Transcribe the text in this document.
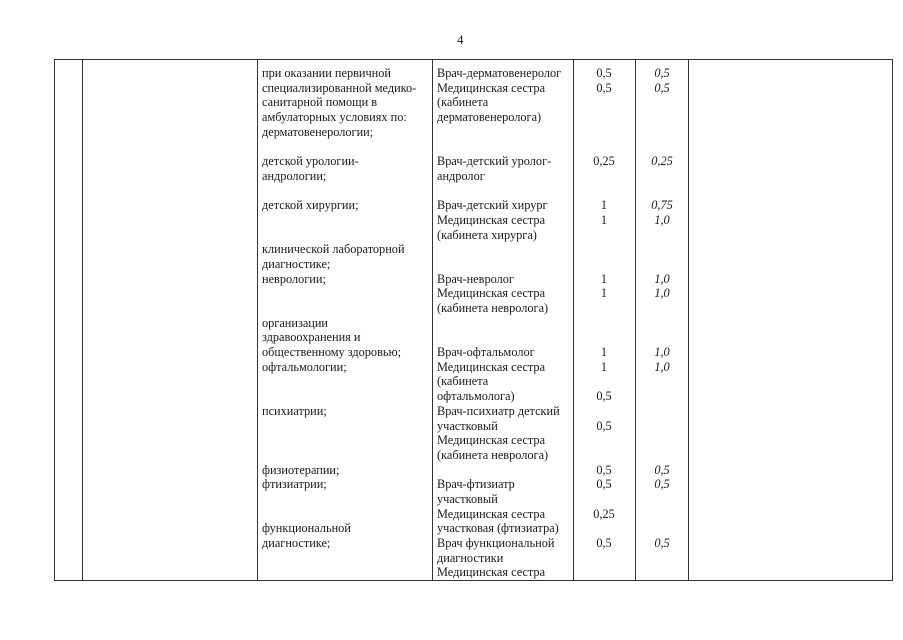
4
при оказании первичной
специализированной медико-
санитарной помощи в
амбулаторных условиях по:
дерматовенерологии;
детской урологии-
андрологии;
детской хирургии;
клинической лабораторной
диагностике;
неврологии;
организации
здравоохранения и
общественному здоровью;
офтальмологии;
психиатрии;
физиотерапии;
фтизиатрии;
функциональной
диагностике;
Врач-дерматовенеролог
Медицинская сестра
(кабинета
дерматовенеролога)
Врач-детский уролог-
андролог
Врач-детский хирург
Медицинская сестра
(кабинета хирурга)
Врач-невролог
Медицинская сестра
(кабинета невролога)
Врач-офтальмолог
Медицинская сестра
(кабинета
офтальмолога)
Врач-психиатр детский
участковый
Медицинская сестра
(кабинета невролога)
Врач-фтизиатр
участковый
Медицинская сестра
участковая (фтизиатра)
Врач функциональной
диагностики
Медицинская сестра
0,5
0,5
0,25
1
1
1
1
1
1
0,5
0,5
0,5
0,5
0,25
0,5
0,5
0,5
0,25
0,75
1,0
1,0
1,0
1,0
1,0
0,5
0,5
0,5
